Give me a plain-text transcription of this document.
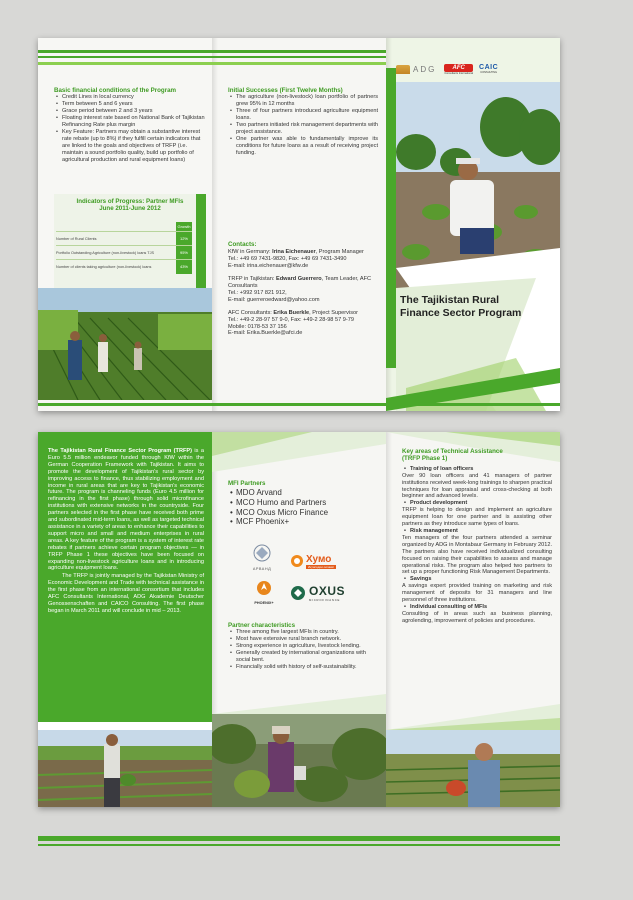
Basic financial conditions of the Program
• Credit Lines in local currency
• Term between 5 and 6 years
• Grace period between 2 and 3 years
• Floating interest rate based on National Bank of Tajikistan Refinancing Rate plus margin
• Key Feature: Partners may obtain a substantive interest rate rebate (up to 8%) if they fulfill certain indicators that are linked to the goals and objectives of TRFP (i.e. maintain a sound portfolio quality, build up portfolio of agricultural production and rural equipment loans)
Indicators of Progress: Partner MFIs June 2011-June 2012
Growth
Number of Rural Clients	12%
Portfolio Outstanding Agriculture (non-livestock) loans TJS	95%
Number of clients taking agriculture (non-livestock) loans	43%
Initial Successes (First Twelve Months)
• The agriculture (non-livestock) loan portfolio of partners grew 95% in 12 months
• Three of four partners introduced agriculture equipment loans.
• Two partners initiated risk management departments with project assistance.
• One partner was able to fundamentally improve its conditions for future loans as a result of receiving project funding.
Contacts:
KfW in Germany: Irina Eichenauer, Program Manager
Tel.: +49 69 7431-9820, Fax: +49 69 7431-3490
E-mail: irina.eichenauer@kfw.de
TRFP in Tajikistan: Edward Guerrero, Team Leader, AFC Consultants
Tel.: +992 917 821 912,
E-mail: guerreroedward@yahoo.com
AFC Consultants: Erika Buerkle, Project Supervisor
Tel.: +49-2 28-97 57 9-0, Fax: +49-2 28-98 57 9-79
Mobile: 0178-53 37 156
E-mail: Erika.Buerkle@afci.de
ADG	AFC
Consultants International
CAIC
CONSULTING
The Tajikistan Rural Finance Sector Program

The Tajikistan Rural Finance Sector Program (TRFP) is a Euro 5.5 million endeavor funded through KfW within the German Cooperation Framework with Tajikistan. It aims to promote the development of Tajikistan's rural sector by improving access to finance, thus stabilizing employment and income in rural areas that are key to Tajikistan's economic future. The program is channeling funds (Euro 4.5 million for refinancing in the first phase) through solid microfinance institutions with extensive networks in the countryside. Four partners selected in the first phase have received both prime and subordinated mid-term loans, as well as targeted technical assistance in a variety of areas to enhance their capabilities to support micro and small and medium enterprises in rural areas. A key feature of the program is a system of interest rate rebates if partners achieve certain program objectives — in TRFP Phase 1 these objectives have been focused on expanding non-livestock agriculture loans and in introducing agriculture equipment loans.

The TRFP is jointly managed by the Tajikistan Ministry of Economic Development and Trade with technical assistance in the first phase from an international consortium that includes AFC Consultants International, ADG Akademie Deutscher Genossenschaften and CAICO Consulting. The first phase began in March 2011 and will conclude in mid – 2013.

MFI Partners
• MDO Arvand
• MCO Humo and Partners
• MCO Oxus Micro Finance
• MCF Phoenix+
АРВАНД
Хумо
Иқтисодии оилавӣ
PHOENIX+
OXUS
MICROFINANCE
Partner characteristics
• Three among five largest MFIs in country.
• Most have extensive rural branch network.
• Strong experience in agriculture, livestock lending.
• Generally created by international organizations with social bent.
• Financially solid with history of self-sustainability.
Key areas of Technical Assistance (TRFP Phase 1)
• Training of loan officers
Over 90 loan officers and 41 managers of partner institutions received week-long trainings to sharpen practical techniques for loan appraisal and cross-checking at both beginner and advanced levels.
• Product development
TRFP is helping to design and implement an agriculture equipment loan for one partner and is assisting other partners as they introduce same types of loans.
• Risk management
Ten managers of the four partners attended a seminar organized by ADG in Montabaur Germany in February 2012. The partners also have received individualized consulting focused on raising their capabilities to assess and manage operational risks. The program also helped two partners to set up a proper functioning Risk Management Departments.
• Savings
A savings expert provided training on marketing and risk management of deposits for 31 managers and line personnel of three institutions.
• Individual consulting of MFIs
Consulting of in areas such as business planning, agrolending, improvement of policies and procedures.
